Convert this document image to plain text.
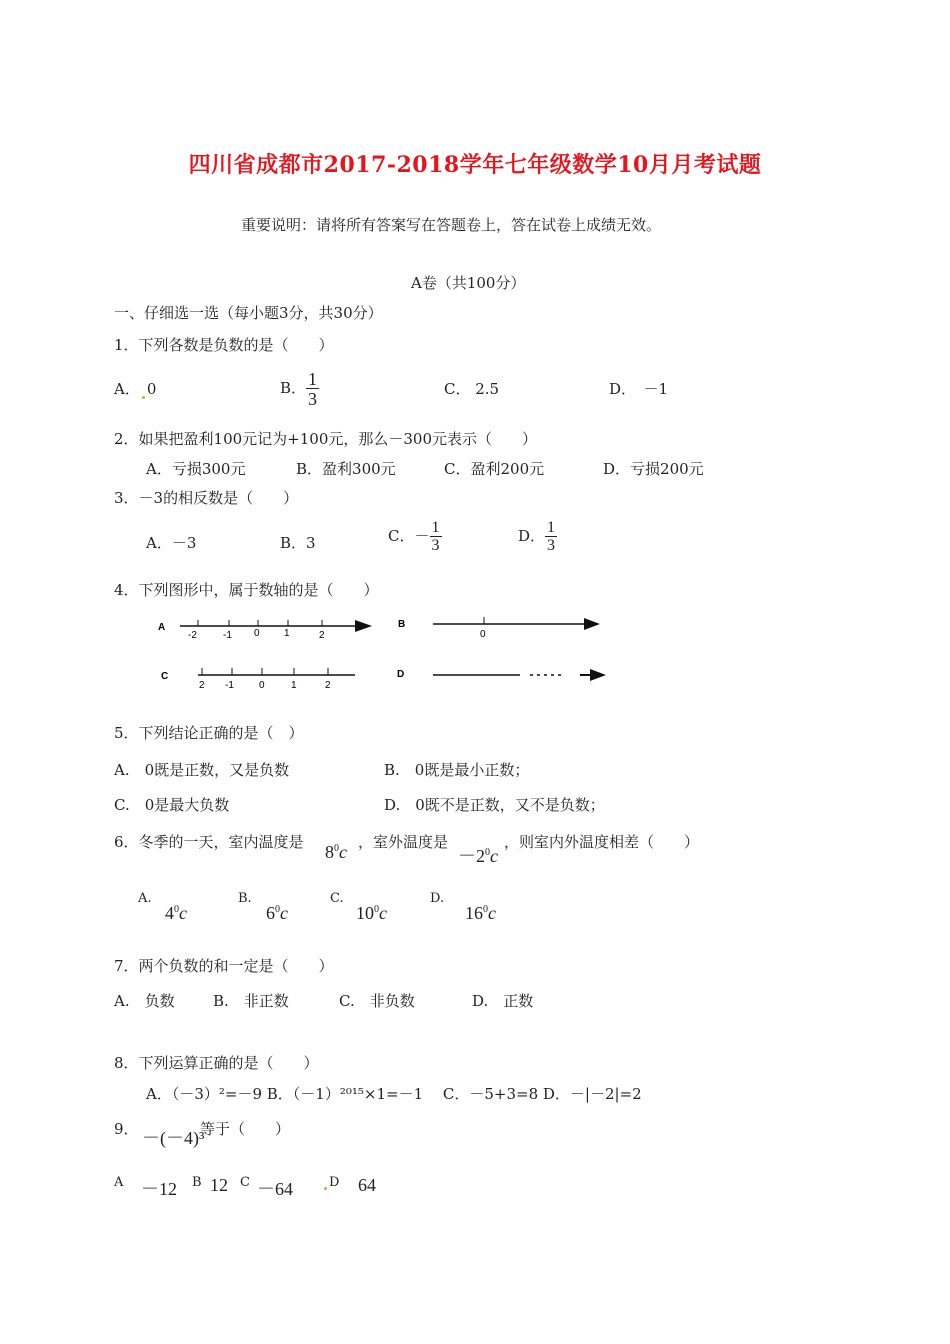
四川省成都市2017-2018学年七年级数学10月月考试题
重要说明：请将所有答案写在答题卷上，答在试卷上成绩无效。
A卷（共100分）
一、仔细选一选（每小题3分，共30分）
1．下列各数是负数的是（　　）
A． 0	B． $\frac{1}{3}$	C． 2.5	D．　－1
2．如果把盈利100元记为+100元，那么－300元表示（　　）
A．亏损300元	B．盈利300元	C．盈利200元	D．亏损200元
3．－3的相反数是（　　）
A．－3	B．3	C．－ $\frac{1}{3}$	D． $\frac{1}{3}$
4．下列图形中，属于数轴的是（　　）
A
-2	-1 0 1	2
B
0
C
2 -1	0	1	2
D
5．下列结论正确的是（　）
A.　0既是正数，又是负数	B.　0既是最小正数；
C.　0是最大负数	D.　0既不是正数，又不是负数；
6．冬季的一天，室内温度是 $8^0c$ ，室外温度是
$-2^0c$
，则室内外温度相差（　　）
A.
$4^0c$
B.
$6^0c$
C.
$10^0c$
D.
$16^0c$
7．两个负数的和一定是（　　）
A.　负数	B.　非正数	C.　非负数	D.　正数
8．下列运算正确的是（　　）
A．（－3）²=－9 B．（－1）²⁰¹⁵×1=－1　 C．－5+3=8 D．－|－2|=2
9． －(－4)³
等于（　　）
A －12 B 12 C －64	D 64
